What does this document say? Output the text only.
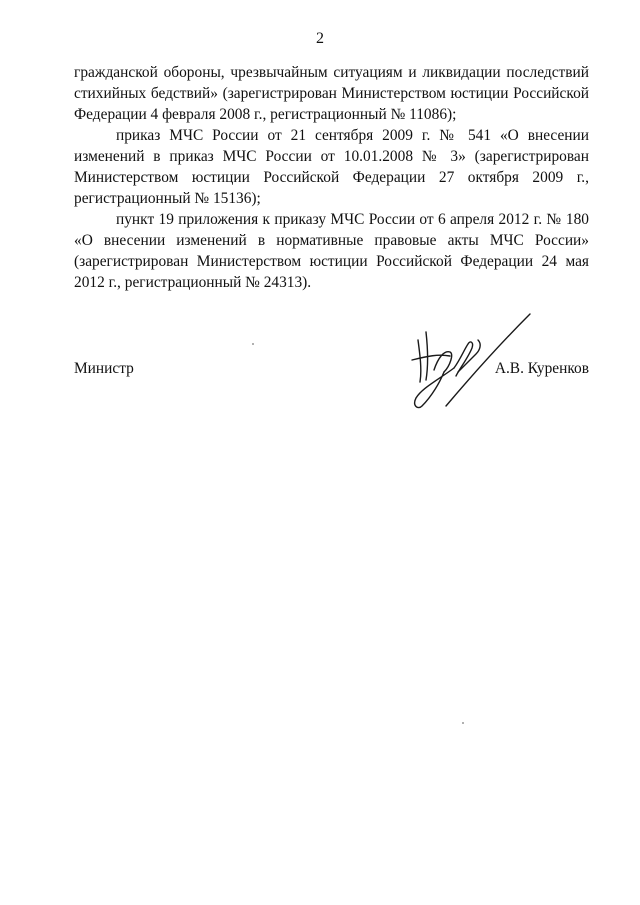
2

гражданской обороны, чрезвычайным ситуациям и ликвидации последствий стихийных бедствий» (зарегистрирован Министерством юстиции Российской Федерации 4 февраля 2008 г., регистрационный № 11086);

приказ МЧС России от 21 сентября 2009 г. № 541 «О внесении изменений в приказ МЧС России от 10.01.2008 № 3» (зарегистрирован Министерством юстиции Российской Федерации 27 октября 2009 г., регистрационный № 15136);

пункт 19 приложения к приказу МЧС России от 6 апреля 2012 г. № 180 «О внесении изменений в нормативные правовые акты МЧС России» (зарегистрирован Министерством юстиции Российской Федерации 24 мая 2012 г., регистрационный № 24313).

Министр	А.В. Куренков
